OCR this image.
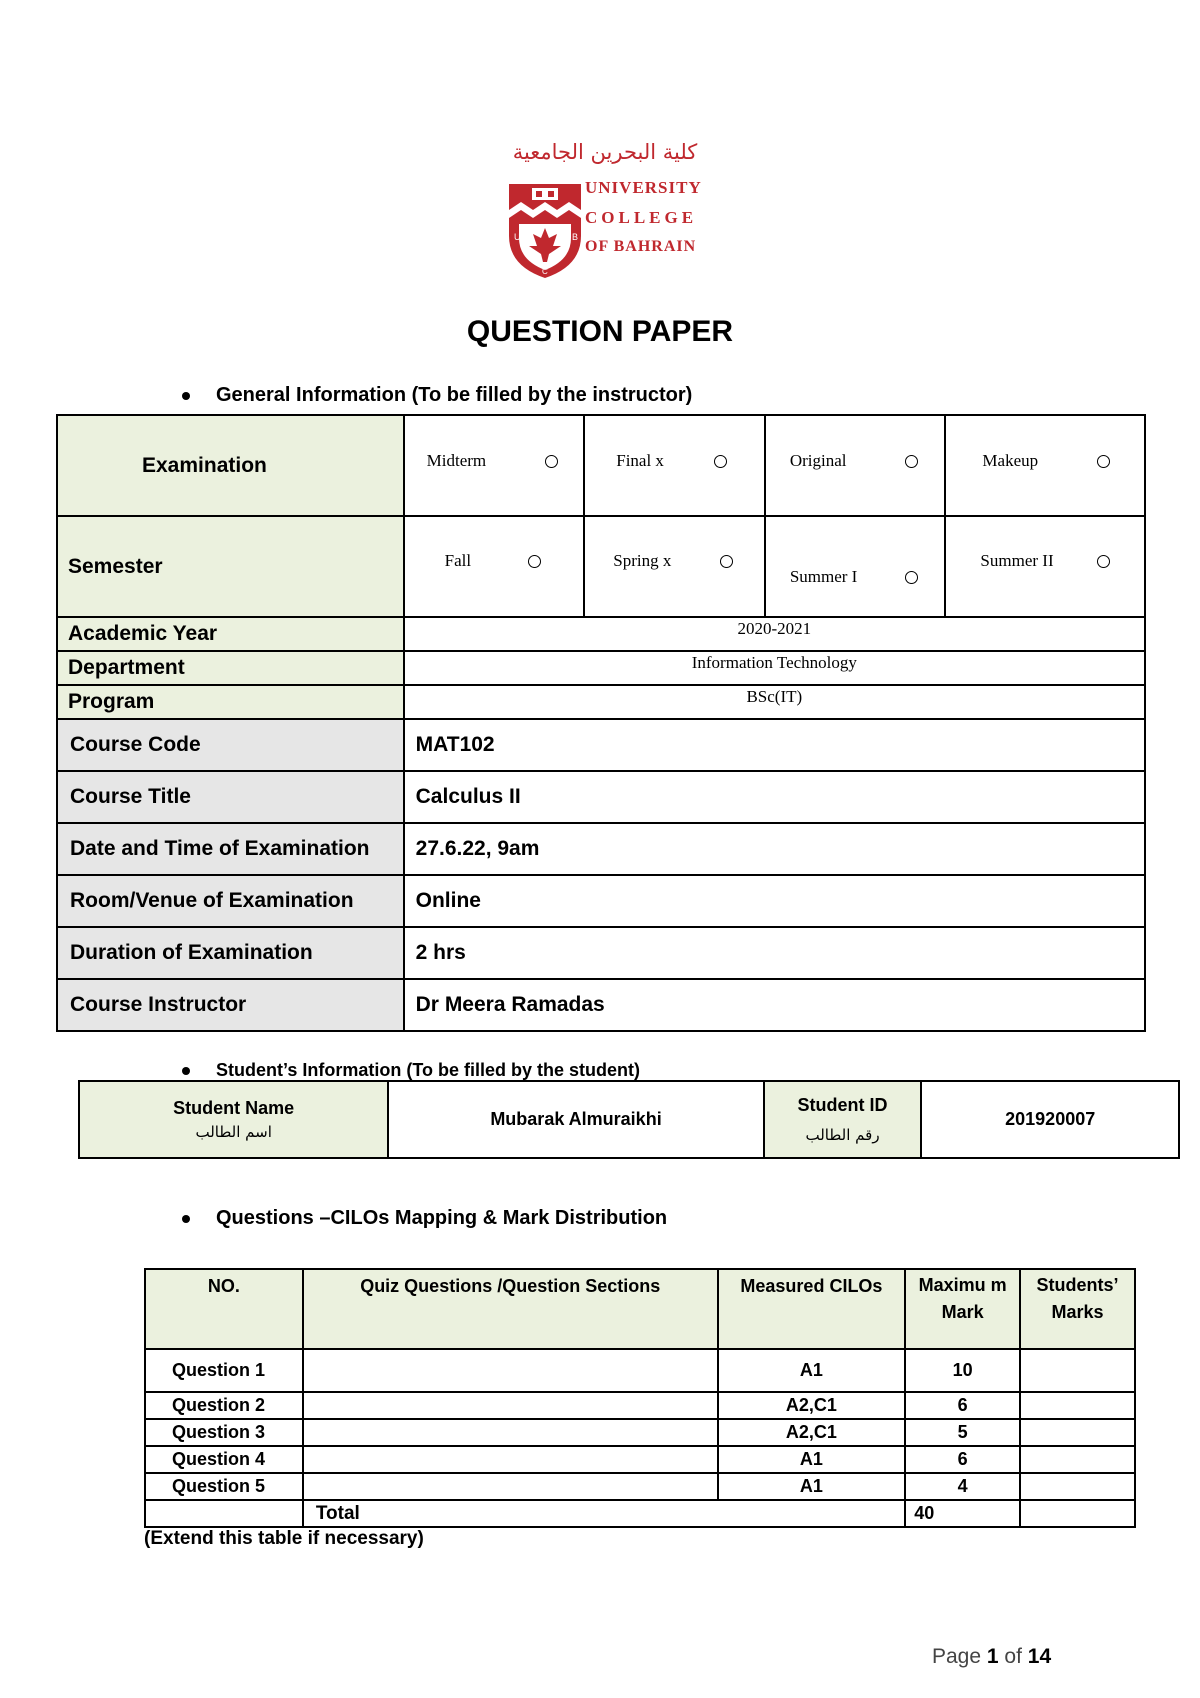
كلية البحرين الجامعية
U	B
C
UNIVERSITY
COLLEGE
OF BAHRAIN
QUESTION PAPER
General Information (To be filled by the instructor)
Examination	Midterm	Final x	Original	Makeup

Semester	Fall	Spring x	Summer I	Summer II

Academic Year	2020-2021			
Department	Information Technology			
Program	BSc(IT)			
Course Code	MAT102			
Course Title	Calculus II			
Date and Time of Examination	27.6.22, 9am			
Room/Venue of Examination	Online			
Duration of Examination	2 hrs			
Course Instructor	Dr Meera Ramadas			
Student’s Information (To be filled by the student)
Student Name
اسم الطالب
	Mubarak Almuraikhi	
Student ID
رقم الطالب
	201920007
Questions –CILOs Mapping & Mark Distribution
NO.	Quiz Questions /Question Sections	Measured CILOs	Maximu m Mark	Students’ Marks
Question 1		A1	10	
Question 2		A2,C1	6	
Question 3		A2,C1	5	
Question 4		A1	6	
Question 5		A1	4	
	Total		40	
(Extend this table if necessary)
Page 1 of 14
